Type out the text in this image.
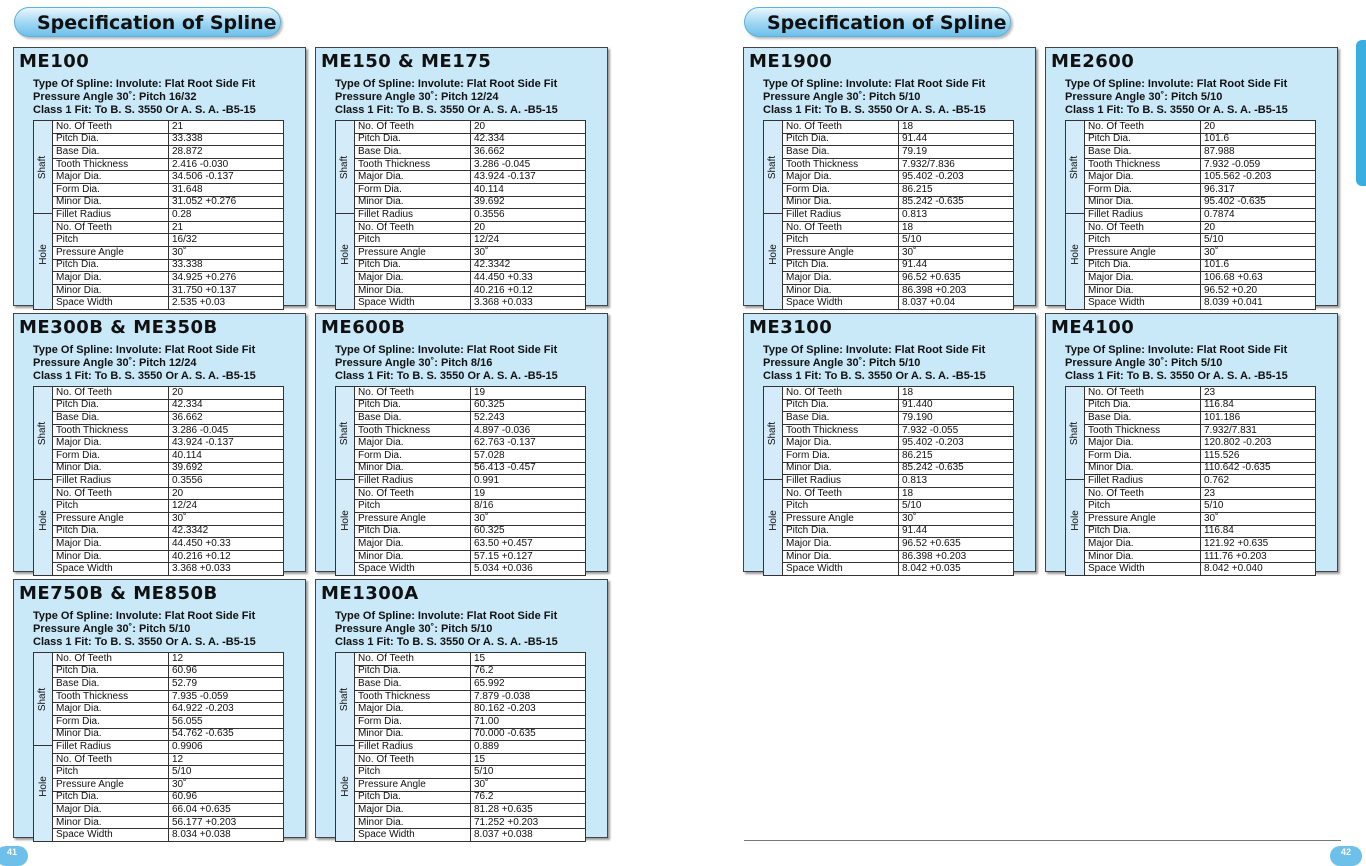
Specification of Spline	Specification of Spline
ME100
Type Of Spline: Involute: Flat Root Side Fit
Pressure Angle 30˚: Pitch 16/32
Class 1 Fit: To B. S. 3550 Or A. S. A. -B5-15
Shaft
Hole
No. Of Teeth	21
Pitch Dia.	33.338
Base Dia.	28.872
Tooth Thickness	2.416 -0.030
Major Dia.	34.506 -0.137
Form Dia.	31.648
Minor Dia.	31.052 +0.276
Fillet Radius	0.28
No. Of Teeth	21
Pitch	16/32
Pressure Angle	30˚
Pitch Dia.	33.338
Major Dia.	34.925 +0.276
Minor Dia.	31.750 +0.137
Space Width	2.535 +0.03
ME150 & ME175
Type Of Spline: Involute: Flat Root Side Fit
Pressure Angle 30˚: Pitch 12/24
Class 1 Fit: To B. S. 3550 Or A. S. A. -B5-15
Shaft
Hole
No. Of Teeth	20
Pitch Dia.	42.334
Base Dia.	36.662
Tooth Thickness	3.286 -0.045
Major Dia.	43.924 -0.137
Form Dia.	40.114
Minor Dia.	39.692
Fillet Radius	0.3556
No. Of Teeth	20
Pitch	12/24
Pressure Angle	30˚
Pitch Dia.	42.3342
Major Dia.	44.450 +0.33
Minor Dia.	40.216 +0.12
Space Width	3.368 +0.033
ME300B & ME350B
Type Of Spline: Involute: Flat Root Side Fit
Pressure Angle 30˚: Pitch 12/24
Class 1 Fit: To B. S. 3550 Or A. S. A. -B5-15
Shaft
Hole
No. Of Teeth	20
Pitch Dia.	42.334
Base Dia.	36.662
Tooth Thickness	3.286 -0.045
Major Dia.	43.924 -0.137
Form Dia.	40.114
Minor Dia.	39.692
Fillet Radius	0.3556
No. Of Teeth	20
Pitch	12/24
Pressure Angle	30˚
Pitch Dia.	42.3342
Major Dia.	44.450 +0.33
Minor Dia.	40.216 +0.12
Space Width	3.368 +0.033
ME600B
Type Of Spline: Involute: Flat Root Side Fit
Pressure Angle 30˚: Pitch 8/16
Class 1 Fit: To B. S. 3550 Or A. S. A. -B5-15
Shaft
Hole
No. Of Teeth	19
Pitch Dia.	60.325
Base Dia.	52.243
Tooth Thickness	4.897 -0.036
Major Dia.	62.763 -0.137
Form Dia.	57.028
Minor Dia.	56.413 -0.457
Fillet Radius	0.991
No. Of Teeth	19
Pitch	8/16
Pressure Angle	30˚
Pitch Dia.	60.325
Major Dia.	63.50 +0.457
Minor Dia.	57.15 +0.127
Space Width	5.034 +0.036
ME750B & ME850B
Type Of Spline: Involute: Flat Root Side Fit
Pressure Angle 30˚: Pitch 5/10
Class 1 Fit: To B. S. 3550 Or A. S. A. -B5-15
Shaft
Hole
No. Of Teeth	12
Pitch Dia.	60.96
Base Dia.	52.79
Tooth Thickness	7.935 -0.059
Major Dia.	64.922 -0.203
Form Dia.	56.055
Minor Dia.	54.762 -0.635
Fillet Radius	0.9906
No. Of Teeth	12
Pitch	5/10
Pressure Angle	30˚
Pitch Dia.	60.96
Major Dia.	66.04 +0.635
Minor Dia.	56.177 +0.203
Space Width	8.034 +0.038
ME1300A
Type Of Spline: Involute: Flat Root Side Fit
Pressure Angle 30˚: Pitch 5/10
Class 1 Fit: To B. S. 3550 Or A. S. A. -B5-15
Shaft
Hole
No. Of Teeth	15
Pitch Dia.	76.2
Base Dia.	65.992
Tooth Thickness	7.879 -0.038
Major Dia.	80.162 -0.203
Form Dia.	71.00
Minor Dia.	70.000 -0.635
Fillet Radius	0.889
No. Of Teeth	15
Pitch	5/10
Pressure Angle	30˚
Pitch Dia.	76.2
Major Dia.	81.28 +0.635
Minor Dia.	71.252 +0.203
Space Width	8.037 +0.038
ME1900
Type Of Spline: Involute: Flat Root Side Fit
Pressure Angle 30˚: Pitch 5/10
Class 1 Fit: To B. S. 3550 Or A. S. A. -B5-15
Shaft
Hole
No. Of Teeth	18
Pitch Dia.	91.44
Base Dia.	79.19
Tooth Thickness	7.932/7.836
Major Dia.	95.402 -0.203
Form Dia.	86.215
Minor Dia.	85.242 -0.635
Fillet Radius	0.813
No. Of Teeth	18
Pitch	5/10
Pressure Angle	30˚
Pitch Dia.	91.44
Major Dia.	96.52 +0.635
Minor Dia.	86.398 +0.203
Space Width	8.037 +0.04
ME2600
Type Of Spline: Involute: Flat Root Side Fit
Pressure Angle 30˚: Pitch 5/10
Class 1 Fit: To B. S. 3550 Or A. S. A. -B5-15
Shaft
Hole
No. Of Teeth	20
Pitch Dia.	101.6
Base Dia.	87.988
Tooth Thickness	7.932 -0.059
Major Dia.	105.562 -0.203
Form Dia.	96.317
Minor Dia.	95.402 -0.635
Fillet Radius	0.7874
No. Of Teeth	20
Pitch	5/10
Pressure Angle	30˚
Pitch Dia.	101.6
Major Dia.	106.68 +0.63
Minor Dia.	96.52 +0.20
Space Width	8.039 +0.041
ME3100
Type Of Spline: Involute: Flat Root Side Fit
Pressure Angle 30˚: Pitch 5/10
Class 1 Fit: To B. S. 3550 Or A. S. A. -B5-15
Shaft
Hole
No. Of Teeth	18
Pitch Dia.	91.440
Base Dia.	79.190
Tooth Thickness	7.932 -0.055
Major Dia.	95.402 -0.203
Form Dia.	86.215
Minor Dia.	85.242 -0.635
Fillet Radius	0.813
No. Of Teeth	18
Pitch	5/10
Pressure Angle	30˚
Pitch Dia.	91.44
Major Dia.	96.52 +0.635
Minor Dia.	86.398 +0.203
Space Width	8.042 +0.035
ME4100
Type Of Spline: Involute: Flat Root Side Fit
Pressure Angle 30˚: Pitch 5/10
Class 1 Fit: To B. S. 3550 Or A. S. A. -B5-15
Shaft
Hole
No. Of Teeth	23
Pitch Dia.	116.84
Base Dia.	101.186
Tooth Thickness	7.932/7.831
Major Dia.	120.802 -0.203
Form Dia.	115.526
Minor Dia.	110.642 -0.635
Fillet Radius	0.762
No. Of Teeth	23
Pitch	5/10
Pressure Angle	30˚
Pitch Dia.	116.84
Major Dia.	121.92 +0.635
Minor Dia.	111.76 +0.203
Space Width	8.042 +0.040
41	42
